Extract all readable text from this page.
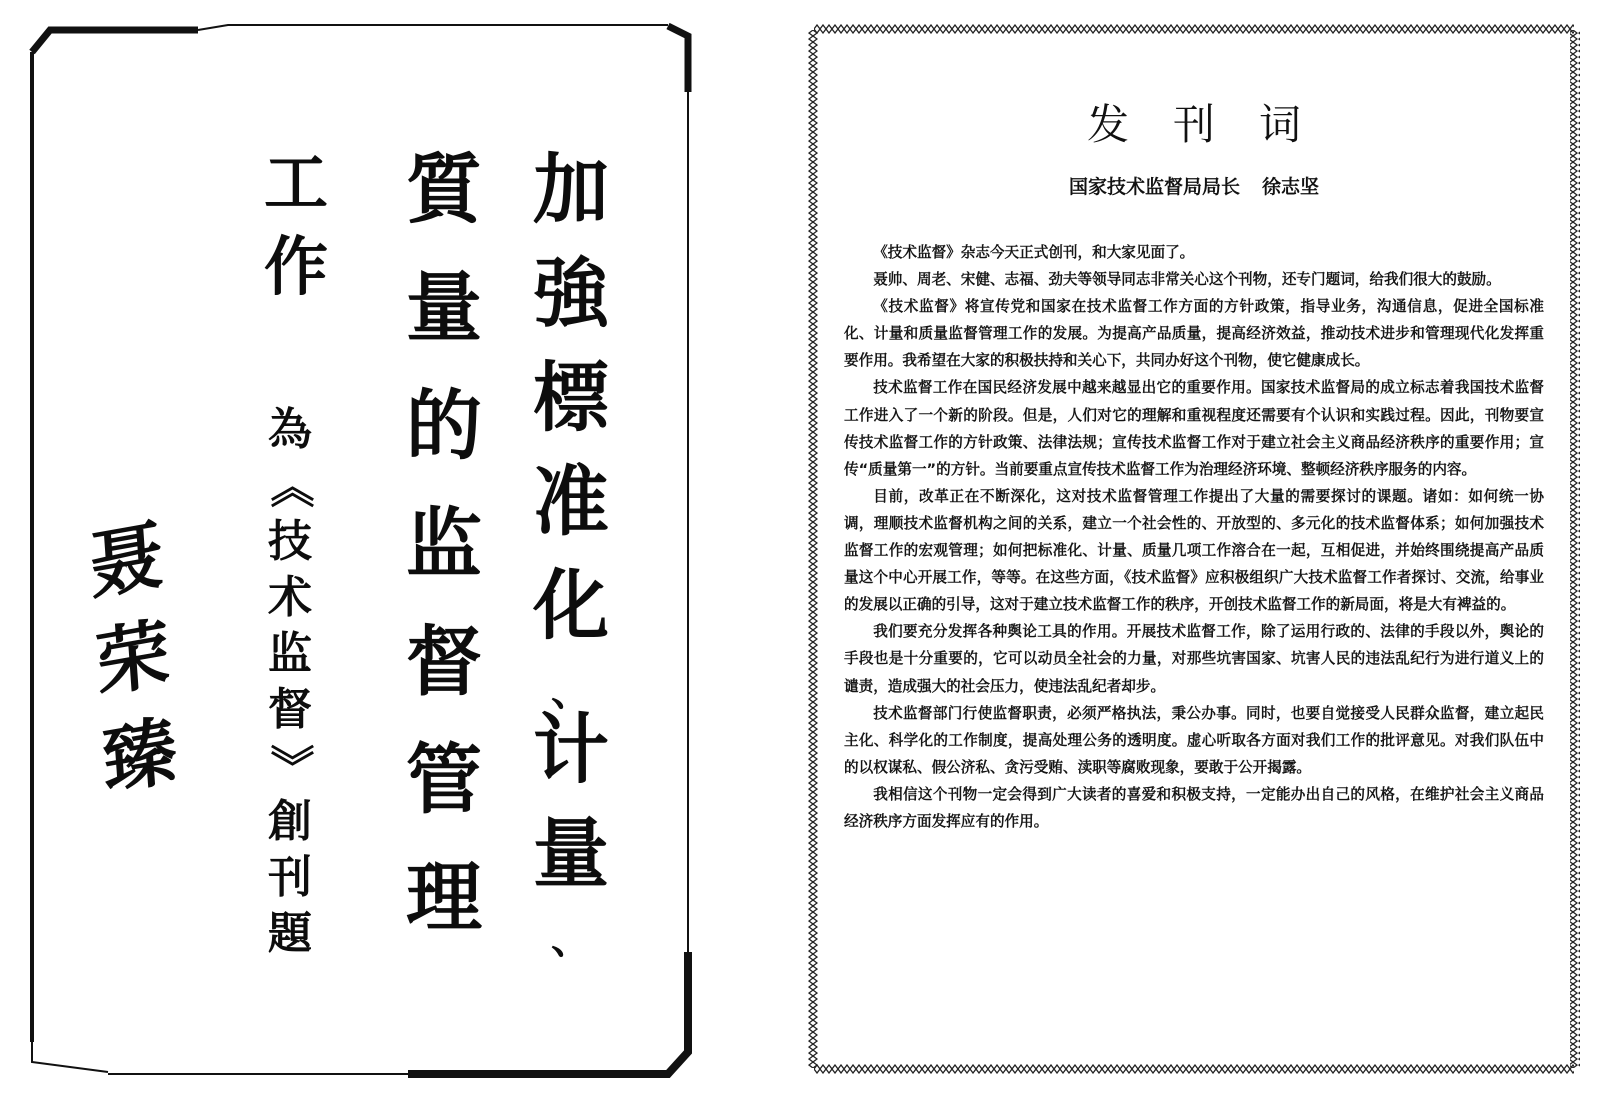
加
強
標
准
化
、
计
量
、
質
量
的
监
督
管
理
工
作
為
《
技
术
监
督
》
創
刊
題
聂
荣
臻
发刊词
国家技术监督局局长 徐志坚

《技术监督》杂志今天正式创刊，和大家见面了。

聂帅、周老、宋健、志福、劲夫等领导同志非常关心这个刊物，还专门题词，给我们很大的鼓励。

《技术监督》将宣传党和国家在技术监督工作方面的方针政策，指导业务，沟通信息，促进全国标准化、计量和质量监督管理工作的发展。为提高产品质量，提高经济效益，推动技术进步和管理现代化发挥重要作用。我希望在大家的积极扶持和关心下，共同办好这个刊物，使它健康成长。

技术监督工作在国民经济发展中越来越显出它的重要作用。国家技术监督局的成立标志着我国技术监督工作进入了一个新的阶段。但是，人们对它的理解和重视程度还需要有个认识和实践过程。因此，刊物要宣传技术监督工作的方针政策、法律法规；宣传技术监督工作对于建立社会主义商品经济秩序的重要作用；宣传“质量第一”的方针。当前要重点宣传技术监督工作为治理经济环境、整顿经济秩序服务的内容。

目前，改革正在不断深化，这对技术监督管理工作提出了大量的需要探讨的课题。诸如：如何统一协调，理顺技术监督机构之间的关系，建立一个社会性的、开放型的、多元化的技术监督体系；如何加强技术监督工作的宏观管理；如何把标准化、计量、质量几项工作溶合在一起，互相促进，并始终围绕提高产品质量这个中心开展工作，等等。在这些方面，《技术监督》应积极组织广大技术监督工作者探讨、交流，给事业的发展以正确的引导，这对于建立技术监督工作的秩序，开创技术监督工作的新局面，将是大有裨益的。

我们要充分发挥各种舆论工具的作用。开展技术监督工作，除了运用行政的、法律的手段以外，舆论的手段也是十分重要的，它可以动员全社会的力量，对那些坑害国家、坑害人民的违法乱纪行为进行道义上的谴责，造成强大的社会压力，使违法乱纪者却步。

技术监督部门行使监督职责，必须严格执法，秉公办事。同时，也要自觉接受人民群众监督，建立起民主化、科学化的工作制度，提高处理公务的透明度。虚心听取各方面对我们工作的批评意见。对我们队伍中的以权谋私、假公济私、贪污受贿、渎职等腐败现象，要敢于公开揭露。

我相信这个刊物一定会得到广大读者的喜爱和积极支持，一定能办出自己的风格，在维护社会主义商品经济秩序方面发挥应有的作用。
